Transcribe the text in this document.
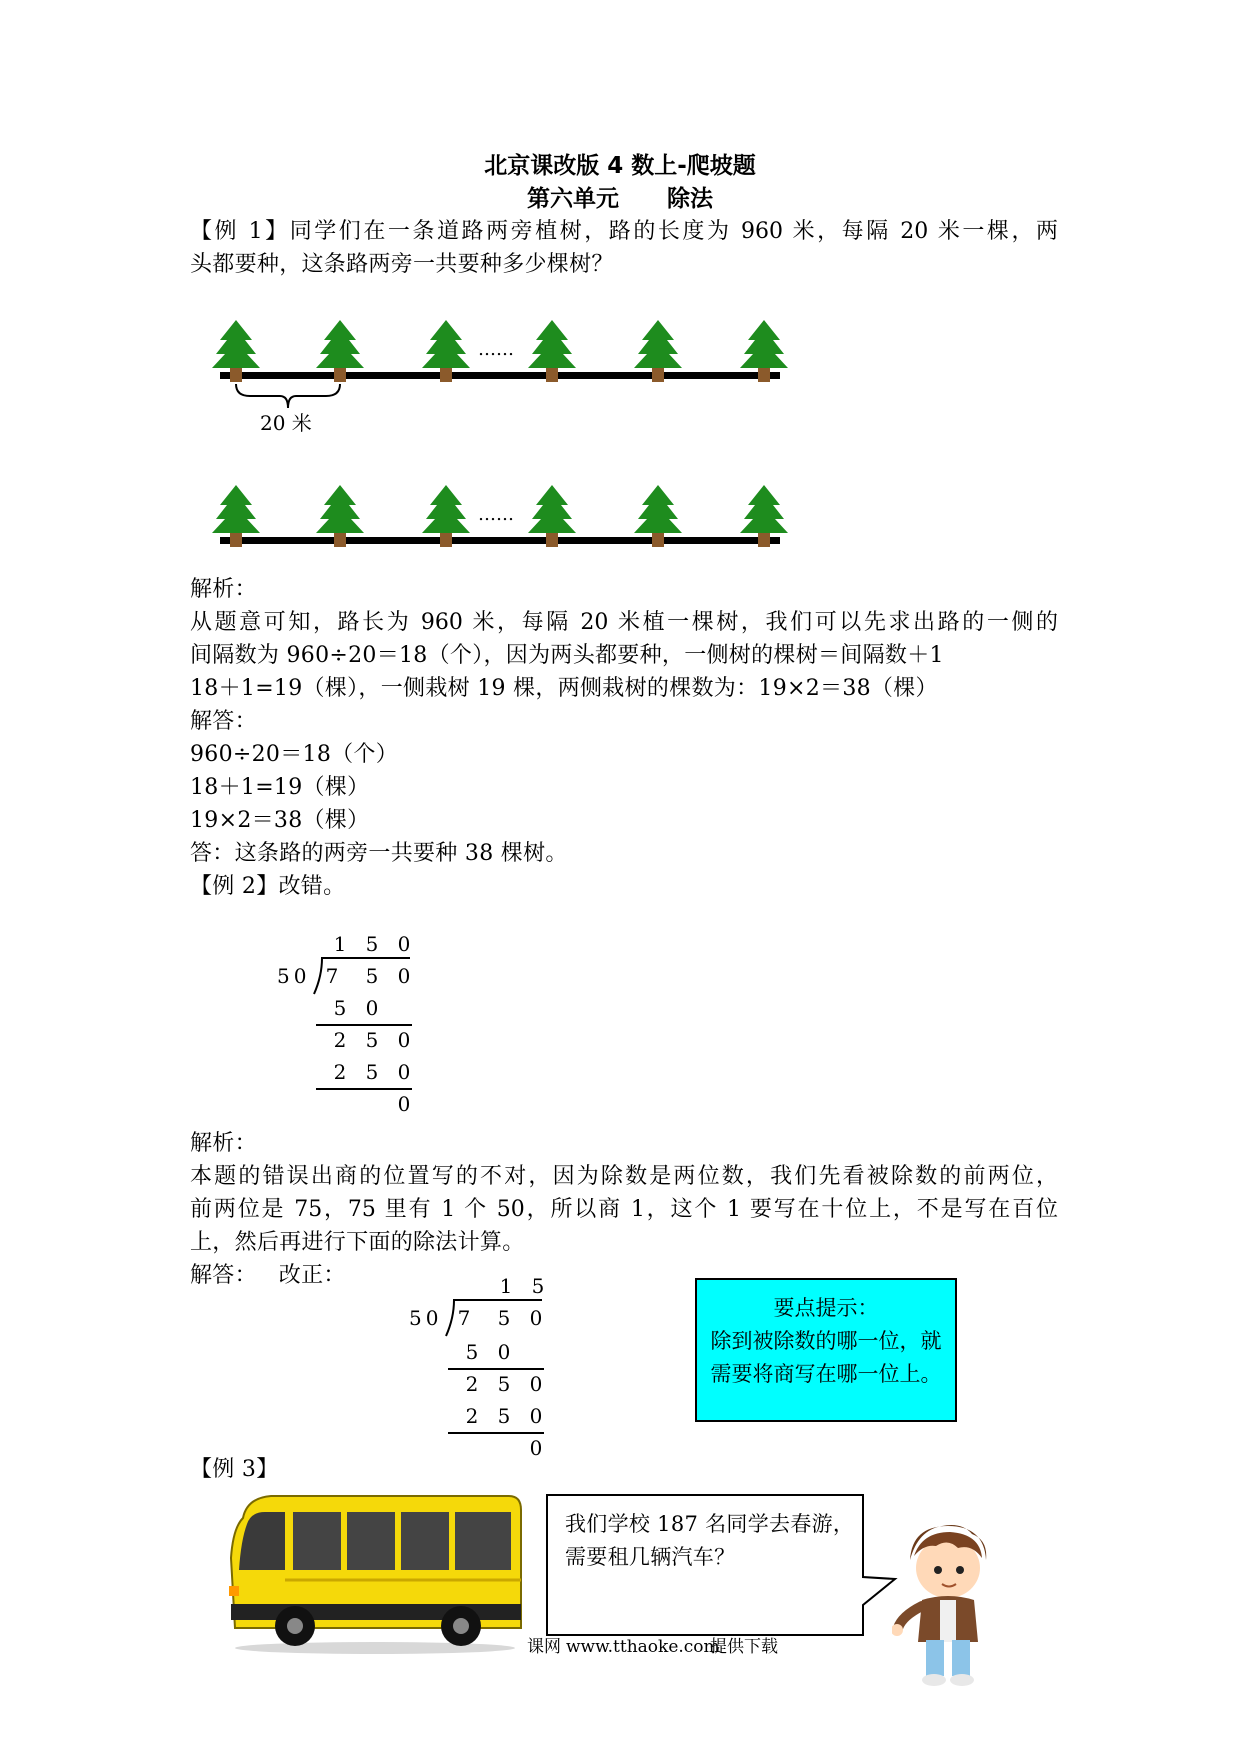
北京课改版 4 数上-爬坡题
第六单元      除法
【例 1】同学们在一条道路两旁植树，路的长度为 960 米，每隔 20 米一棵，两
头都要种，这条路两旁一共要种多少棵树？
……
20 米
……
解析：
从题意可知，路长为 960 米，每隔 20 米植一棵树，我们可以先求出路的一侧的
间隔数为 960÷20＝18（个），因为两头都要种，一侧树的棵树＝间隔数＋1
18＋1=19（棵），一侧栽树 19 棵，两侧栽树的棵数为：19×2＝38（棵）
解答：
960÷20＝18（个）
18＋1=19（棵）
19×2＝38（棵）
答：这条路的两旁一共要种 38 棵树。
【例 2】改错。
1 5 0
50 7 5 0
5 0
2 5 0
2 5 0
0
解析：
本题的错误出商的位置写的不对，因为除数是两位数，我们先看被除数的前两位，
前两位是 75，75 里有 1 个 50，所以商 1，这个 1 要写在十位上，不是写在百位
上，然后再进行下面的除法计算。
解答：   改正：	1 5
50 7 5 0
5 0
2 5 0
2 5 0
0
要点提示：
除到被除数的哪一位，就
需要将商写在哪一位上。
【例 3】
我们学校 187 名同学去春游，
需要租几辆汽车？
课网 www.tthaoke.com
提供下载
